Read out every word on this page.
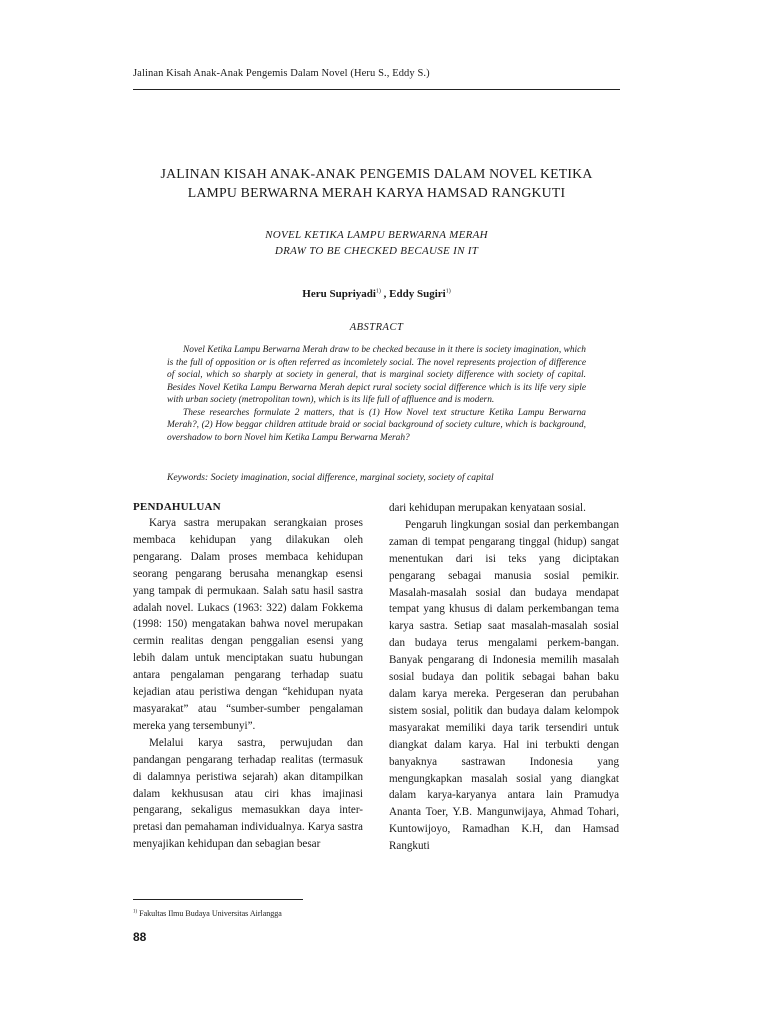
Jalinan Kisah Anak-Anak Pengemis Dalam Novel (Heru S., Eddy S.)
JALINAN KISAH ANAK-ANAK PENGEMIS DALAM NOVEL KETIKA
LAMPU BERWARNA MERAH KARYA HAMSAD RANGKUTI
NOVEL KETIKA LAMPU BERWARNA MERAH
DRAW TO BE CHECKED BECAUSE IN IT
Heru Supriyadi$^{1)}$ , Eddy Sugiri$^{1)}$
ABSTRACT

Novel Ketika Lampu Berwarna Merah draw to be checked because in it there is society imagination, which is the full of opposition or is often referred as incomletely social. The novel represents projection of difference of social, which so sharply at society in general, that is marginal society difference with society of capital. Besides Novel Ketika Lampu Berwarna Merah depict rural society social difference which is its life very siple with urban society (metropolitan town), which is its life full of affluence and is modern.

These researches formulate 2 matters, that is (1) How Novel text structure Ketika Lampu Berwarna Merah?, (2) How beggar children attitude braid or social background of society culture, which is background, overshadow to born Novel him Ketika Lampu Berwarna Merah?

Keywords: Society imagination, social difference, marginal society, society of capital
PENDAHULUAN

Karya sastra merupakan serangkaian proses membaca kehidupan yang dilakukan oleh pengarang. Dalam proses membaca kehidupan seorang pengarang berusaha menangkap esensi yang tampak di permukaan. Salah satu hasil sastra adalah novel. Lukacs (1963: 322) dalam Fokkema (1998: 150) mengatakan bahwa novel merupakan cermin realitas dengan penggalian esensi yang lebih dalam untuk menciptakan suatu hubungan antara pengalaman pengarang terhadap suatu kejadian atau peristiwa dengan “kehidupan nyata masyarakat” atau “sumber-sumber pengalaman mereka yang tersembunyi”.

Melalui karya sastra, perwujudan dan pandangan pengarang terhadap realitas (termasuk di dalamnya peristiwa sejarah) akan ditampilkan dalam kekhususan atau ciri khas imajinasi pengarang, sekaligus memasukkan daya inter-pretasi dan pemahaman individualnya. Karya sastra menyajikan kehidupan dan sebagian besar

dari kehidupan merupakan kenyataan sosial.

Pengaruh lingkungan sosial dan perkembangan zaman di tempat pengarang tinggal (hidup) sangat menentukan dari isi teks yang diciptakan pengarang sebagai manusia sosial pemikir. Masalah-masalah sosial dan budaya mendapat tempat yang khusus di dalam perkembangan tema karya sastra. Setiap saat masalah-masalah sosial dan budaya terus mengalami perkem-bangan. Banyak pengarang di Indonesia memilih masalah sosial budaya dan politik sebagai bahan baku dalam karya mereka. Pergeseran dan perubahan sistem sosial, politik dan budaya dalam kelompok masyarakat memiliki daya tarik tersendiri untuk diangkat dalam karya. Hal ini terbukti dengan banyaknya sastrawan Indonesia yang mengungkapkan masalah sosial yang diangkat dalam karya-karyanya antara lain Pramudya Ananta Toer, Y.B. Mangunwijaya, Ahmad Tohari, Kuntowijoyo, Ramadhan K.H, dan Hamsad Rangkuti

$^{1)}$ Fakultas Ilmu Budaya Universitas Airlangga
88
